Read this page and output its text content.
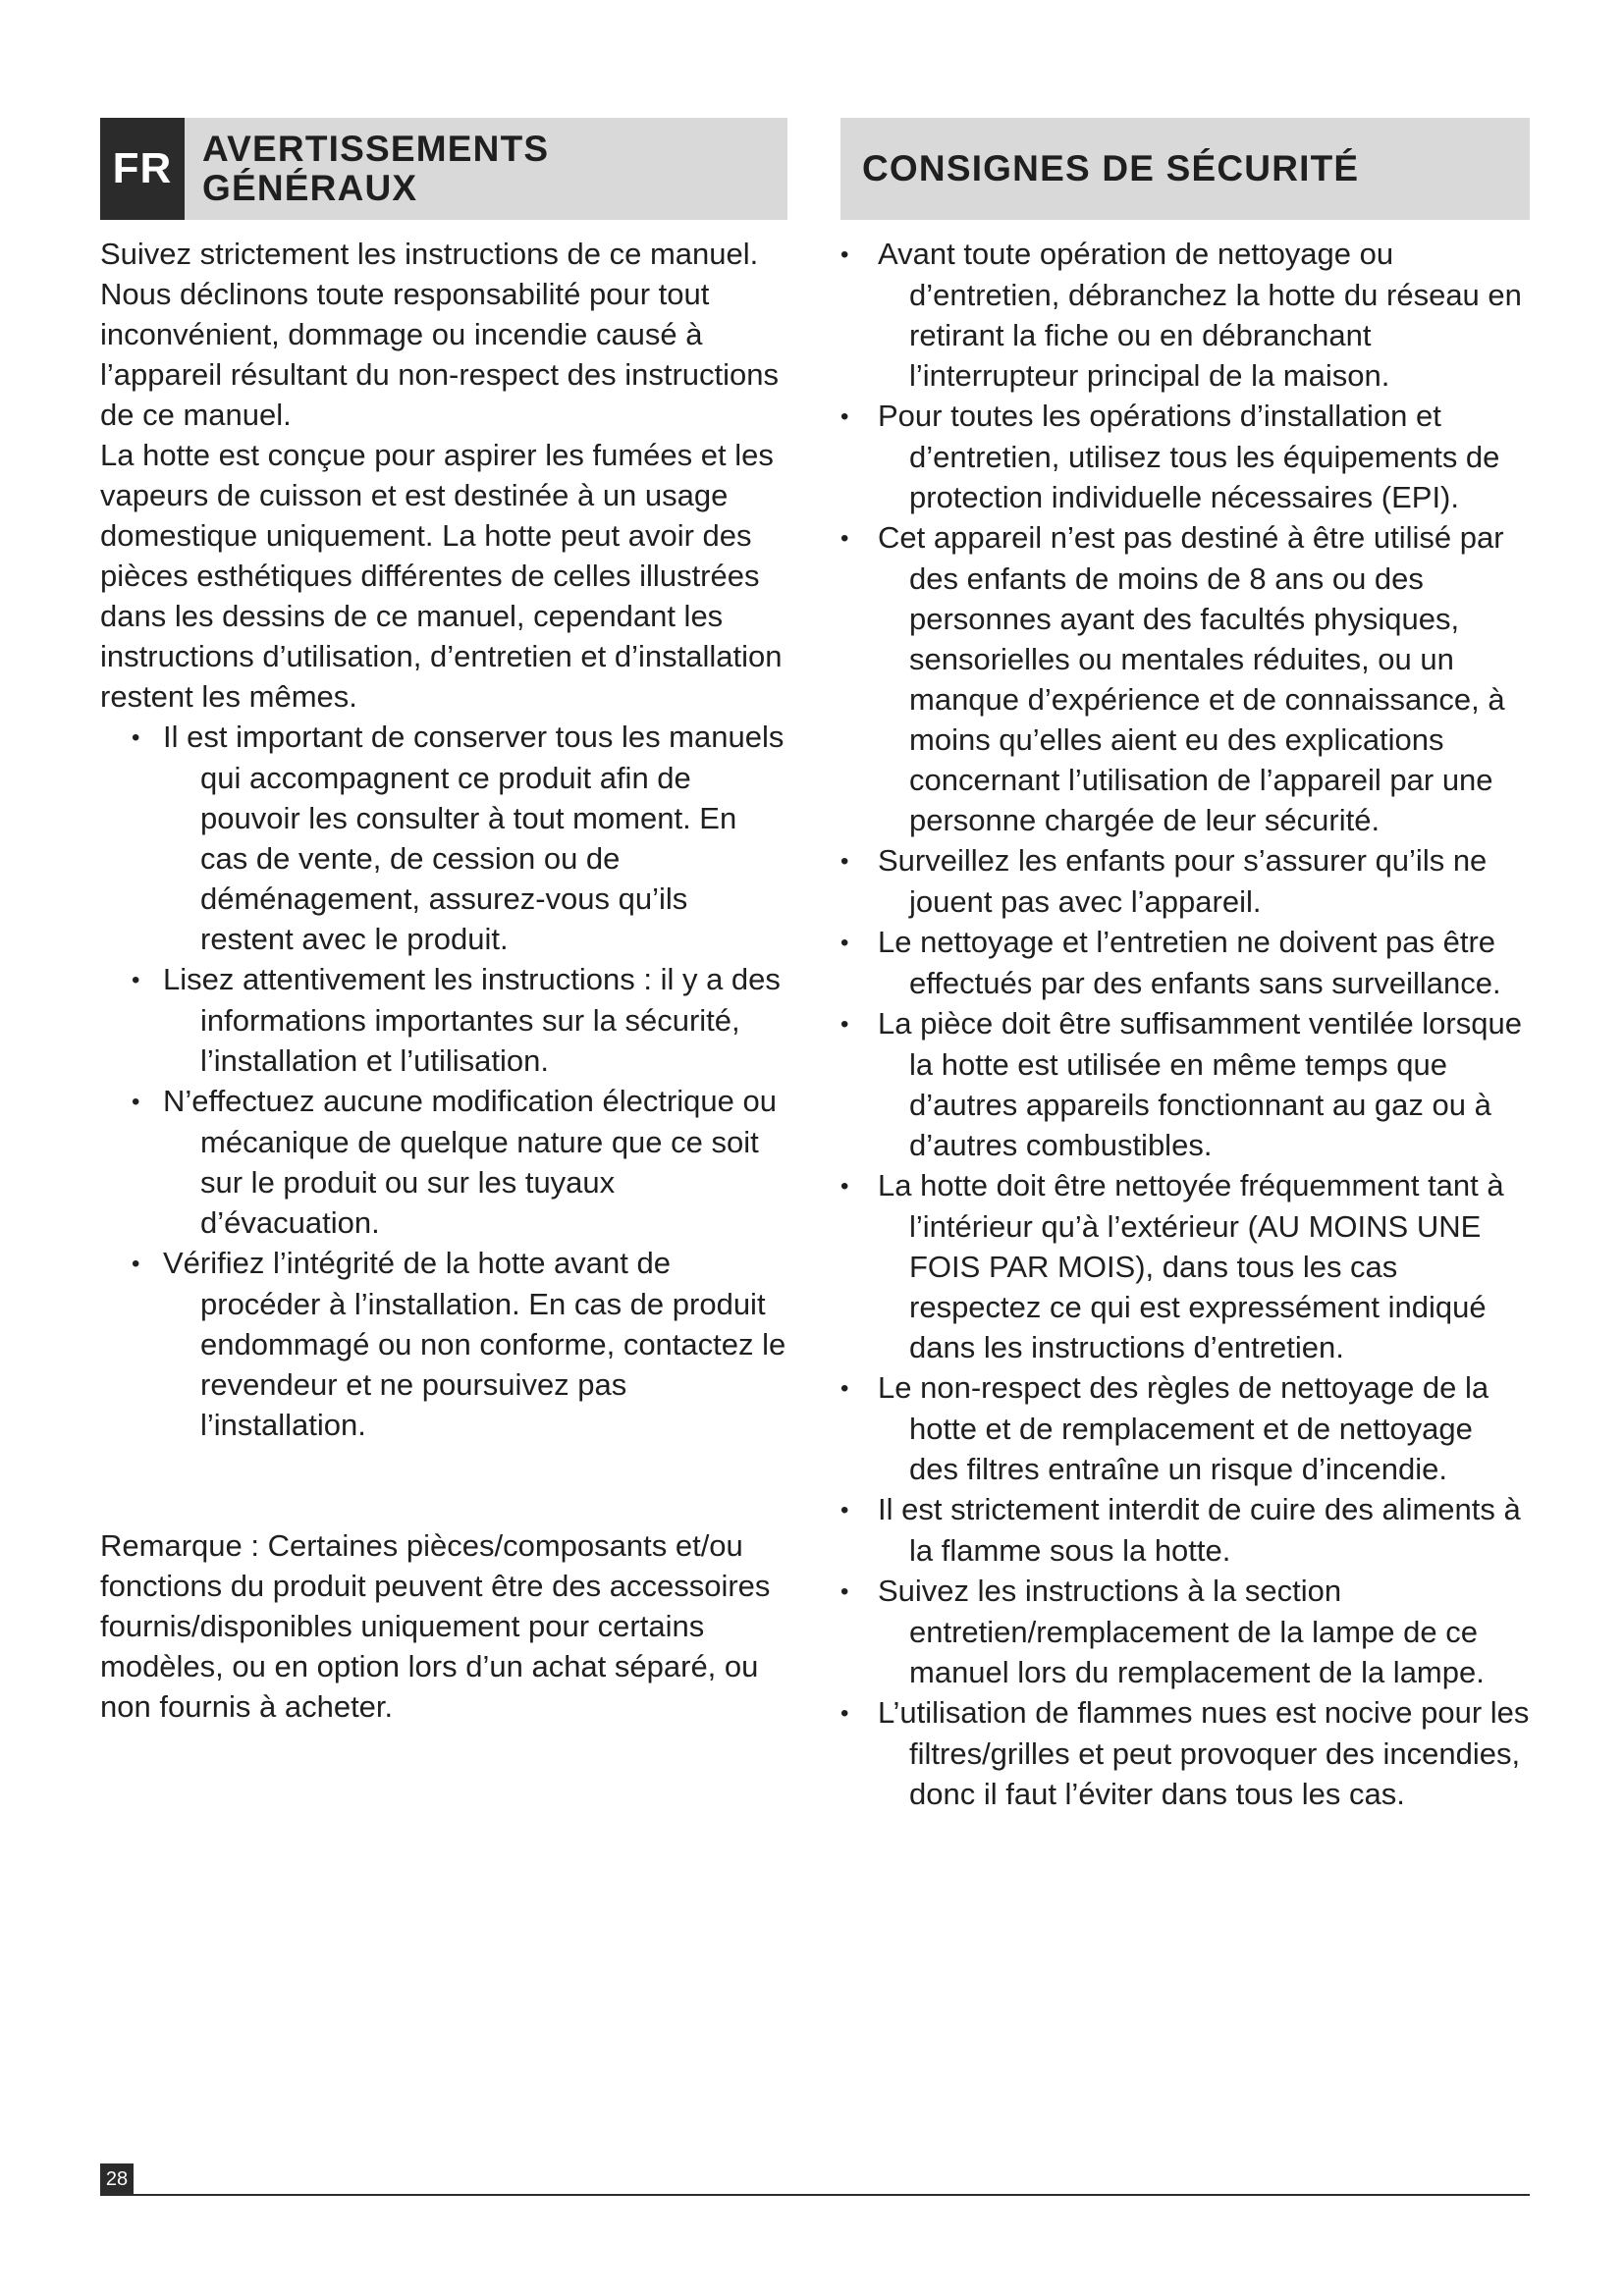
FR AVERTISSEMENTS
GÉNÉRAUX

Suivez strictement les instructions de ce manuel. Nous déclinons toute responsabilité pour tout inconvénient, dommage ou incendie causé à l’appareil résultant du non-respect des instructions de ce manuel.

La hotte est conçue pour aspirer les fumées et les vapeurs de cuisson et est destinée à un usage domestique uniquement. La hotte peut avoir des pièces esthétiques différentes de celles illustrées dans les dessins de ce manuel, cependant les instructions d’utilisation, d’entretien et d’installation restent les mêmes.

• Il est important de conserver tous les manuels qui accompagnent ce produit afin de pouvoir les consulter à tout moment. En cas de vente, de cession ou de déménagement, assurez-vous qu’ils restent avec le produit.
• Lisez attentivement les instructions : il y a des informations importantes sur la sécurité, l’installation et l’utilisation.
• N’effectuez aucune modification électrique ou mécanique de quelque nature que ce soit sur le produit ou sur les tuyaux d’évacuation.
• Vérifiez l’intégrité de la hotte avant de procéder à l’installation. En cas de produit endommagé ou non conforme, contactez le revendeur et ne poursuivez pas l’installation.

Remarque : Certaines pièces/composants et/ou fonctions du produit peuvent être des accessoires fournis/disponibles uniquement pour certains modèles, ou en option lors d’un achat séparé, ou non fournis à acheter.

CONSIGNES DE SÉCURITÉ
• Avant toute opération de nettoyage ou d’entretien, débranchez la hotte du réseau en retirant la fiche ou en débranchant l’interrupteur principal de la maison.
• Pour toutes les opérations d’installation et d’entretien, utilisez tous les équipements de protection individuelle nécessaires (EPI).
• Cet appareil n’est pas destiné à être utilisé par des enfants de moins de 8 ans ou des personnes ayant des facultés physiques, sensorielles ou mentales réduites, ou un manque d’expérience et de connaissance, à moins qu’elles aient eu des explications concernant l’utilisation de l’appareil par une personne chargée de leur sécurité.
• Surveillez les enfants pour s’assurer qu’ils ne jouent pas avec l’appareil.
• Le nettoyage et l’entretien ne doivent pas être effectués par des enfants sans surveillance.
• La pièce doit être suffisamment ventilée lorsque la hotte est utilisée en même temps que d’autres appareils fonctionnant au gaz ou à d’autres combustibles.
• La hotte doit être nettoyée fréquemment tant à l’intérieur qu’à l’extérieur (AU MOINS UNE FOIS PAR MOIS), dans tous les cas respectez ce qui est expressément indiqué dans les instructions d’entretien.
• Le non-respect des règles de nettoyage de la hotte et de remplacement et de nettoyage des filtres entraîne un risque d’incendie.
• Il est strictement interdit de cuire des aliments à la flamme sous la hotte.
• Suivez les instructions à la section entretien/remplacement de la lampe de ce manuel lors du remplacement de la lampe.
• L’utilisation de flammes nues est nocive pour les filtres/grilles et peut provoquer des incendies, donc il faut l’éviter dans tous les cas.
28
